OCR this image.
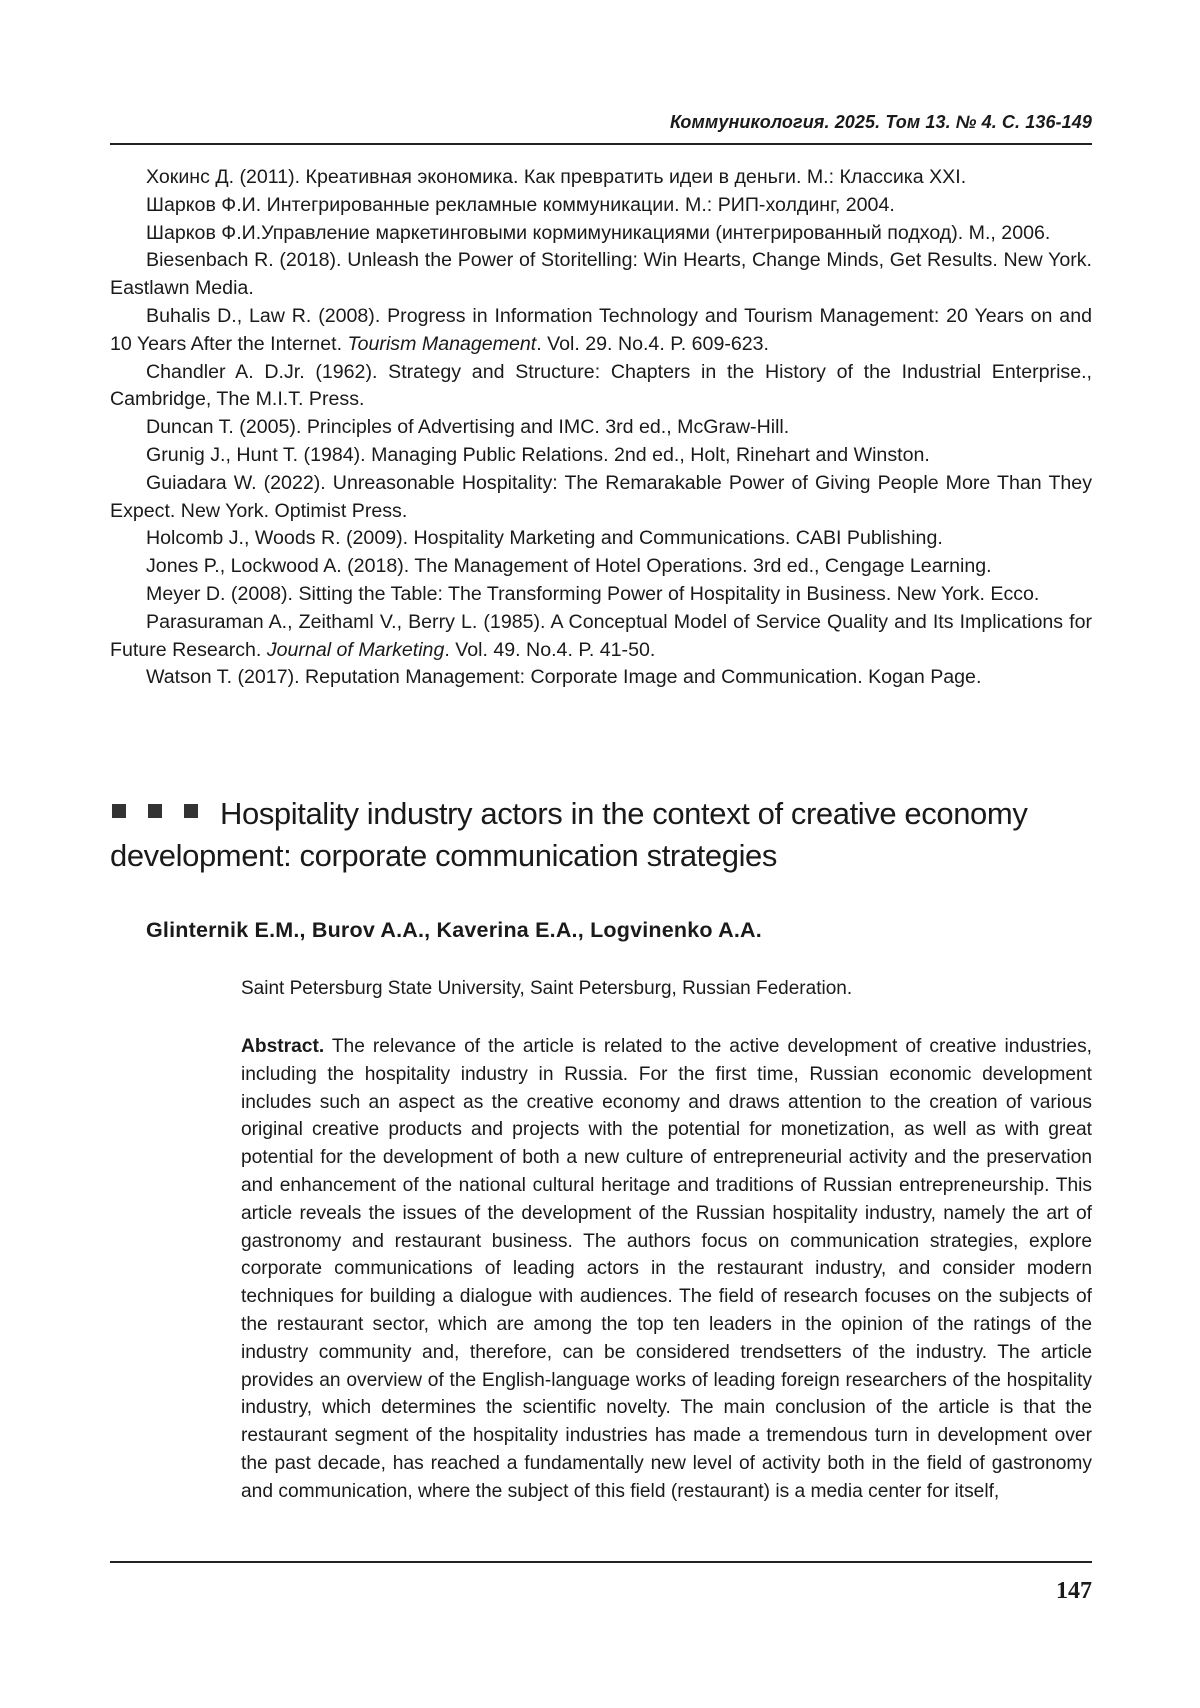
Коммуникология. 2025. Том 13. № 4. С. 136-149

Хокинс Д. (2011). Креативная экономика. Как превратить идеи в деньги. М.: Классика XXI.

Шарков Ф.И. Интегрированные рекламные коммуникации. М.: РИП-холдинг, 2004.

Шарков Ф.И.Управление маркетинговыми кормимуникациями (интегрированный подход). М., 2006.

Biesenbach R. (2018). Unleash the Power of Storitelling: Win Hearts, Change Minds, Get Results. New York. Eastlawn Media.

Buhalis D., Law R. (2008). Progress in Information Technology and Tourism Management: 20 Years on and 10 Years After the Internet. Tourism Management. Vol. 29. No.4. P. 609-623.

Chandler A. D.Jr. (1962). Strategy and Structure: Chapters in the History of the Industrial Enterprise., Cambridge, The M.I.T. Press.

Duncan T. (2005). Principles of Advertising and IMC. 3rd ed., McGraw-Hill.

Grunig J., Hunt T. (1984). Managing Public Relations. 2nd ed., Holt, Rinehart and Winston.

Guiadara W. (2022). Unreasonable Hospitality: The Remarakable Power of Giving People More Than They Expect. New York. Optimist Press.

Holcomb J., Woods R. (2009). Hospitality Marketing and Communications. CABI Publishing.

Jones P., Lockwood A. (2018). The Management of Hotel Operations. 3rd ed., Cengage Learning.

Meyer D. (2008). Sitting the Table: The Transforming Power of Hospitality in Business. New York. Ecco.

Parasuraman A., Zeithaml V., Berry L. (1985). A Conceptual Model of Service Quality and Its Implications for Future Research. Journal of Marketing. Vol. 49. No.4. P. 41-50.

Watson T. (2017). Reputation Management: Corporate Image and Communication. Kogan Page.

Hospitality industry actors in the context of creative economy development: corporate communication strategies
Glinternik E.M., Burov A.A., Kaverina E.A., Logvinenko A.A.
Saint Petersburg State University, Saint Petersburg, Russian Federation.
Abstract. The relevance of the article is related to the active development of creative industries, including the hospitality industry in Russia. For the first time, Russian economic development includes such an aspect as the creative economy and draws attention to the creation of various original creative products and projects with the potential for monetization, as well as with great potential for the development of both a new culture of entrepreneurial activity and the preservation and enhancement of the national cultural heritage and traditions of Russian entrepreneurship. This article reveals the issues of the development of the Russian hospitality industry, namely the art of gastronomy and restaurant business. The authors focus on communication strategies, explore corporate communications of leading actors in the restaurant industry, and consider modern techniques for building a dialogue with audiences. The field of research focuses on the subjects of the restaurant sector, which are among the top ten leaders in the opinion of the ratings of the industry community and, therefore, can be considered trendsetters of the industry. The article provides an overview of the English-language works of leading foreign researchers of the hospitality industry, which determines the scientific novelty. The main conclusion of the article is that the restaurant segment of the hospitality industries has made a tremendous turn in development over the past decade, has reached a fundamentally new level of activity both in the field of gastronomy and communication, where the subject of this field (restaurant) is a media center for itself,
147
